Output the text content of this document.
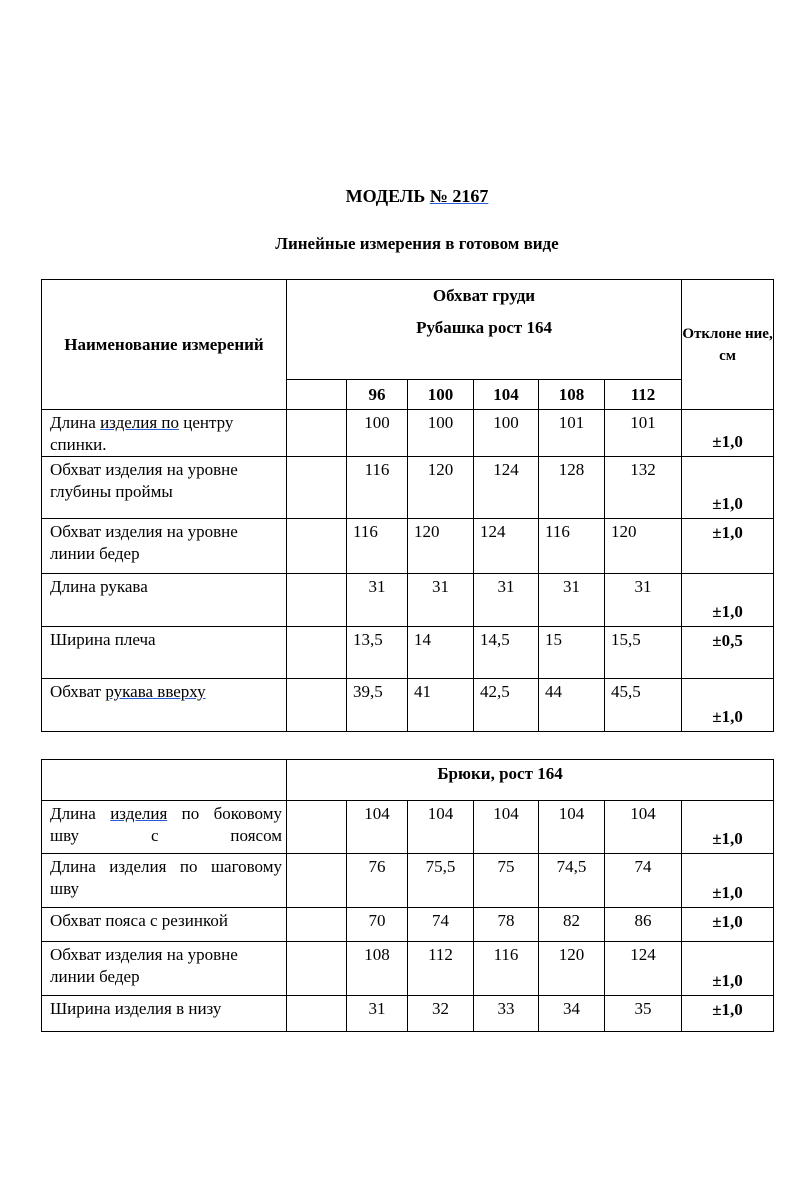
МОДЕЛЬ № 2167
Линейные измерения в готовом виде
Наименование измерений	Обхват груди
Рубашка рост 164						Отклоне ние, см
		96	100	104	108	112	
Длина изделия по центру спинки.		100	100	100	101	101	±1,0
Обхват изделия на уровне глубины проймы		116	120	124	128	132	±1,0
Обхват изделия на уровне линии бедер		116	120	124	116	120	±1,0
Длина рукава		31	31	31	31	31	±1,0
Ширина плеча		13,5	14	14,5	15	15,5	±0,5
Обхват рукава вверху		39,5	41	42,5	44	45,5	±1,0

	Брюки, рост 164						

Длина изделия по боковому шву с поясом		104	104	104	104	104	±1,0
Длина изделия по шаговому шву		76	75,5	75	74,5	74	±1,0
Обхват пояса с резинкой		70	74	78	82	86	±1,0
Обхват изделия на уровне линии бедер		108	112	116	120	124	±1,0
Ширина изделия в низу		31	32	33	34	35	±1,0
